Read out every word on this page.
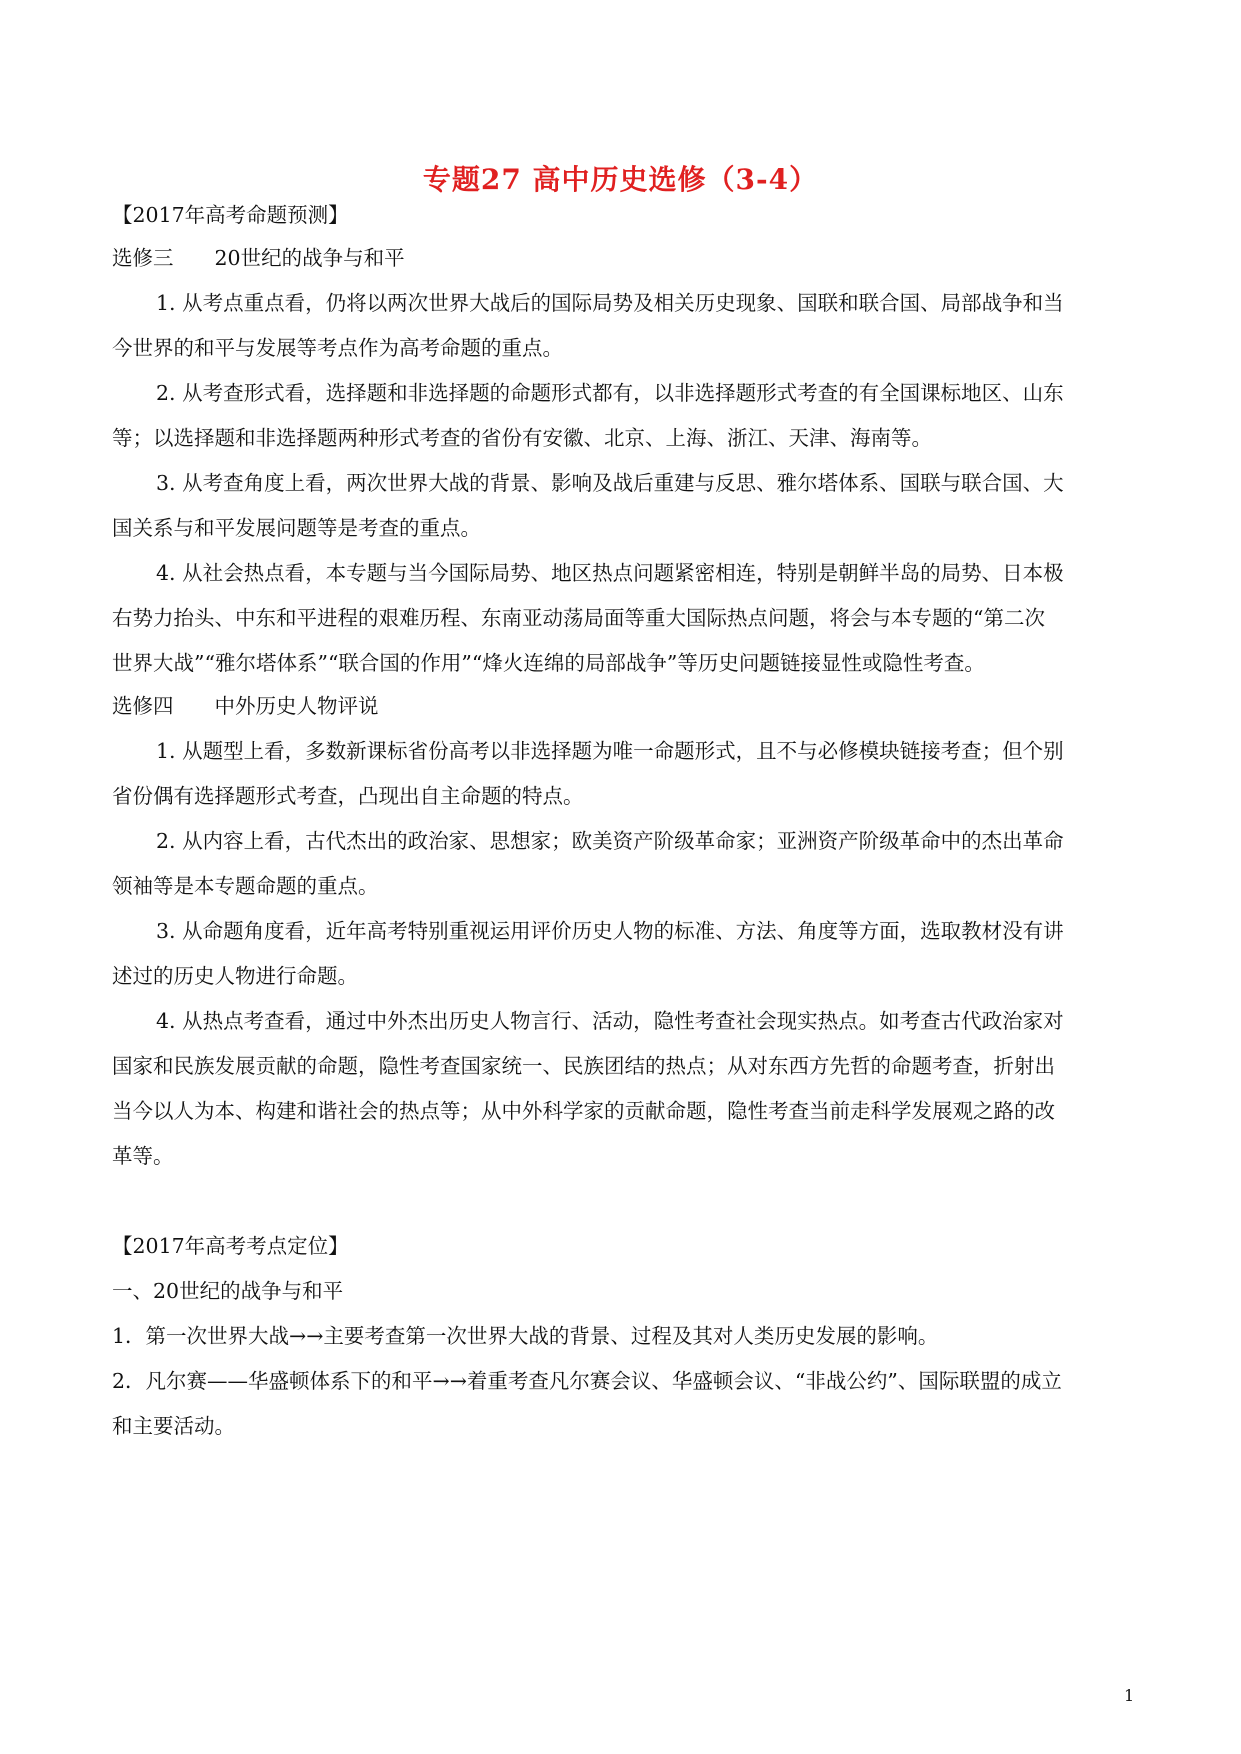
专题27 高中历史选修（3-4）
【2017年高考命题预测】
选修三　　20世纪的战争与和平
1. 从考点重点看，仍将以两次世界大战后的国际局势及相关历史现象、国联和联合国、局部战争和当
今世界的和平与发展等考点作为高考命题的重点。
2. 从考查形式看，选择题和非选择题的命题形式都有，以非选择题形式考查的有全国课标地区、山东
等；以选择题和非选择题两种形式考查的省份有安徽、北京、上海、浙江、天津、海南等。
3. 从考查角度上看，两次世界大战的背景、影响及战后重建与反思、雅尔塔体系、国联与联合国、大
国关系与和平发展问题等是考查的重点。
4. 从社会热点看，本专题与当今国际局势、地区热点问题紧密相连，特别是朝鲜半岛的局势、日本极
右势力抬头、中东和平进程的艰难历程、东南亚动荡局面等重大国际热点问题，将会与本专题的“第二次
世界大战”“雅尔塔体系”“联合国的作用”“烽火连绵的局部战争”等历史问题链接显性或隐性考查。
选修四　　中外历史人物评说
1. 从题型上看，多数新课标省份高考以非选择题为唯一命题形式，且不与必修模块链接考查；但个别
省份偶有选择题形式考查，凸现出自主命题的特点。
2. 从内容上看，古代杰出的政治家、思想家；欧美资产阶级革命家；亚洲资产阶级革命中的杰出革命
领袖等是本专题命题的重点。
3. 从命题角度看，近年高考特别重视运用评价历史人物的标准、方法、角度等方面，选取教材没有讲
述过的历史人物进行命题。
4. 从热点考查看，通过中外杰出历史人物言行、活动，隐性考查社会现实热点。如考查古代政治家对
国家和民族发展贡献的命题，隐性考查国家统一、民族团结的热点；从对东西方先哲的命题考查，折射出
当今以人为本、构建和谐社会的热点等；从中外科学家的贡献命题，隐性考查当前走科学发展观之路的改
革等。
【2017年高考考点定位】
一、20世纪的战争与和平
1．第一次世界大战→→主要考查第一次世界大战的背景、过程及其对人类历史发展的影响。
2．凡尔赛——华盛顿体系下的和平→→着重考查凡尔赛会议、华盛顿会议、“非战公约”、国际联盟的成立
和主要活动。
1
